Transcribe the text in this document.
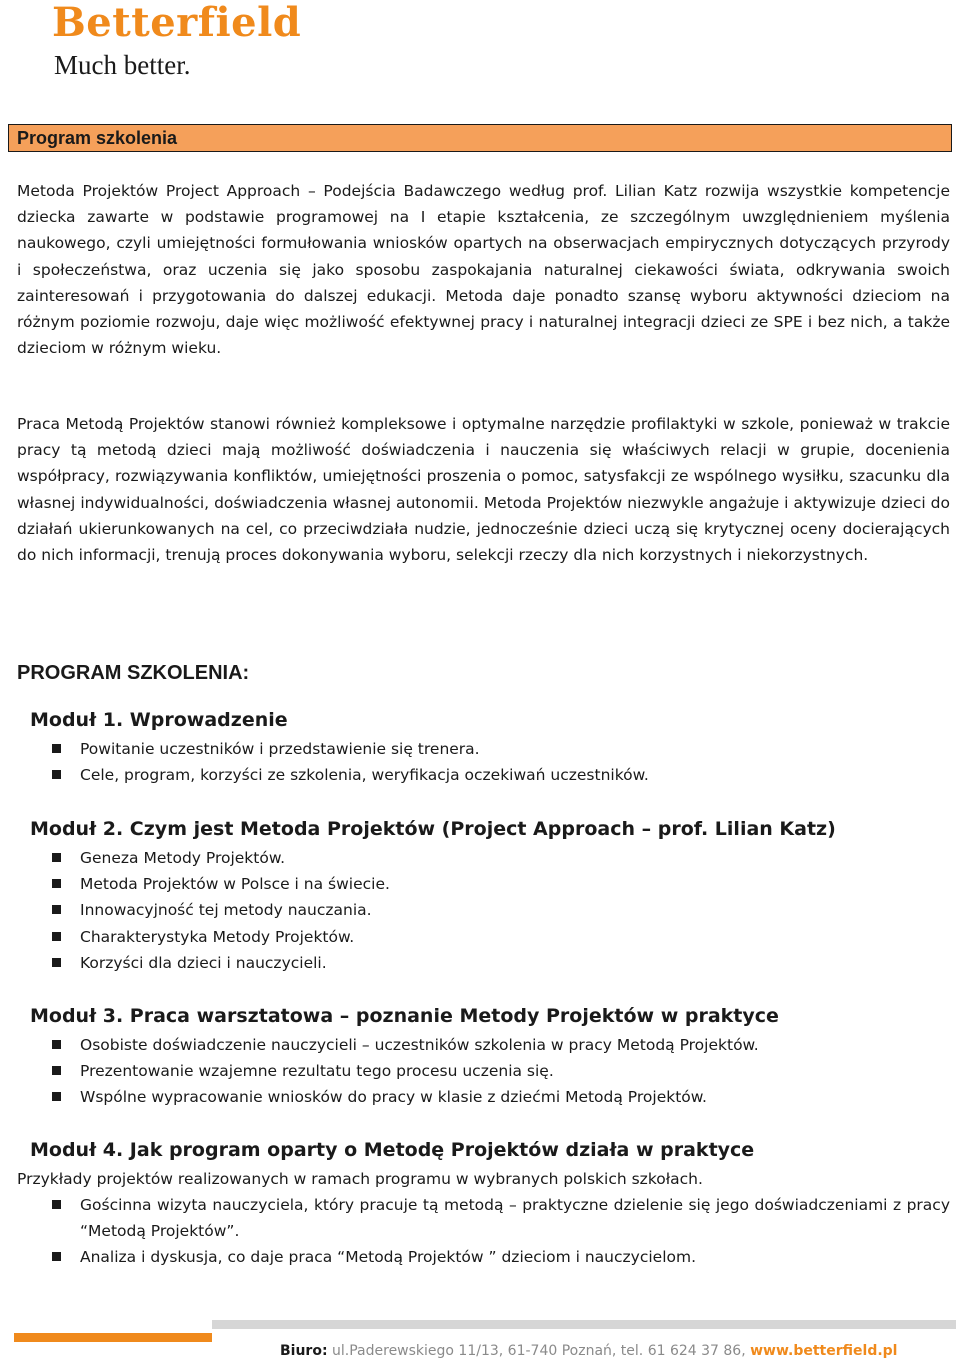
Betterfield
Much better.
Program szkolenia

Metoda Projektów Project Approach – Podejścia Badawczego według prof. Lilian Katz rozwija wszystkie kompetencje dziecka zawarte w podstawie programowej na I etapie kształcenia, ze szczególnym uwzględnieniem myślenia naukowego, czyli umiejętności formułowania wniosków opartych na obserwacjach empirycznych dotyczących przyrody i społeczeństwa, oraz uczenia się jako sposobu zaspokajania naturalnej ciekawości świata, odkrywania swoich zainteresowań i przygotowania do dalszej edukacji. Metoda daje ponadto szansę wyboru aktywności dzieciom na różnym poziomie rozwoju, daje więc możliwość efektywnej pracy i naturalnej integracji dzieci ze SPE i bez nich, a także dzieciom w różnym wieku.

Praca Metodą Projektów stanowi również kompleksowe i optymalne narzędzie profilaktyki w szkole, ponieważ w trakcie pracy tą metodą dzieci mają możliwość doświadczenia i nauczenia się właściwych relacji w grupie, docenienia współpracy, rozwiązywania konfliktów, umiejętności proszenia o pomoc, satysfakcji ze wspólnego wysiłku, szacunku dla własnej indywidualności, doświadczenia własnej autonomii. Metoda Projektów niezwykle angażuje i aktywizuje dzieci do działań ukierunkowanych na cel, co przeciwdziała nudzie, jednocześnie dzieci uczą się krytycznej oceny docierających do nich informacji, trenują proces dokonywania wyboru, selekcji rzeczy dla nich korzystnych i niekorzystnych.

PROGRAM SZKOLENIA:
Moduł 1. Wprowadzenie
Powitanie uczestników i przedstawienie się trenera.
Cele, program, korzyści ze szkolenia, weryfikacja oczekiwań uczestników.
Moduł 2. Czym jest Metoda Projektów (Project Approach – prof. Lilian Katz)
Geneza Metody Projektów.
Metoda Projektów w Polsce i na świecie.
Innowacyjność tej metody nauczania.
Charakterystyka Metody Projektów.
Korzyści dla dzieci i nauczycieli.
Moduł 3. Praca warsztatowa – poznanie Metody Projektów w praktyce
Osobiste doświadczenie nauczycieli – uczestników szkolenia w pracy Metodą Projektów.
Prezentowanie wzajemne rezultatu tego procesu uczenia się.
Wspólne wypracowanie wniosków do pracy w klasie z dziećmi Metodą Projektów.
Moduł 4. Jak program oparty o Metodę Projektów działa w praktyce
Przykłady projektów realizowanych w ramach programu w wybranych polskich szkołach.
Gościnna wizyta nauczyciela, który pracuje tą metodą – praktyczne dzielenie się jego doświadczeniami z pracy “Metodą Projektów”.
Analiza i dyskusja, co daje praca “Metodą Projektów ” dzieciom i nauczycielom.
Biuro: ul.Paderewskiego 11/13, 61-740 Poznań, tel. 61 624 37 86, www.betterfield.pl
